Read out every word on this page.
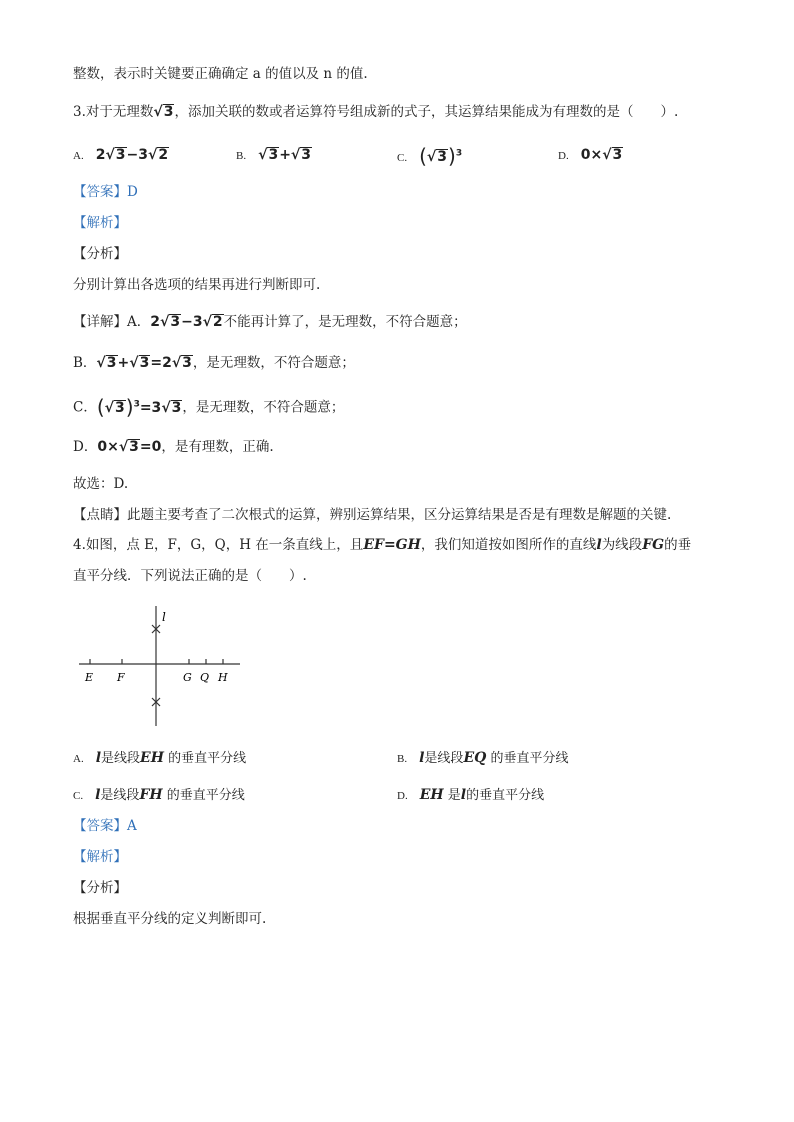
整数，表示时关键要正确确定 a 的值以及 n 的值.
3.对于无理数√3，添加关联的数或者运算符号组成新的式子，其运算结果能成为有理数的是（　　）.
A. 2√3−3√2	B. √3+√3	C. $(√3)^3$	D. 0×√3
【答案】D
【解析】
【分析】
分别计算出各选项的结果再进行判断即可.
【详解】A．2√3−3√2不能再计算了，是无理数，不符合题意；
B．√3+√3=2√3，是无理数，不符合题意；
C．$(√3)^3=3√3$，是无理数，不符合题意；
D．0×√3=0，是有理数，正确.
故选：D.
【点睛】此题主要考查了二次根式的运算，辨别运算结果，区分运算结果是否是有理数是解题的关键.
4.如图，点 E，F，G，Q，H 在一条直线上，且EF=GH，我们知道按如图所作的直线l为线段FG的垂
直平分线．下列说法正确的是（　　）.
l
E F	G Q H
A. l是线段EH 的垂直平分线	B. l是线段EQ 的垂直平分线
C. l是线段FH 的垂直平分线	D. EH 是l的垂直平分线
【答案】A
【解析】
【分析】
根据垂直平分线的定义判断即可.
